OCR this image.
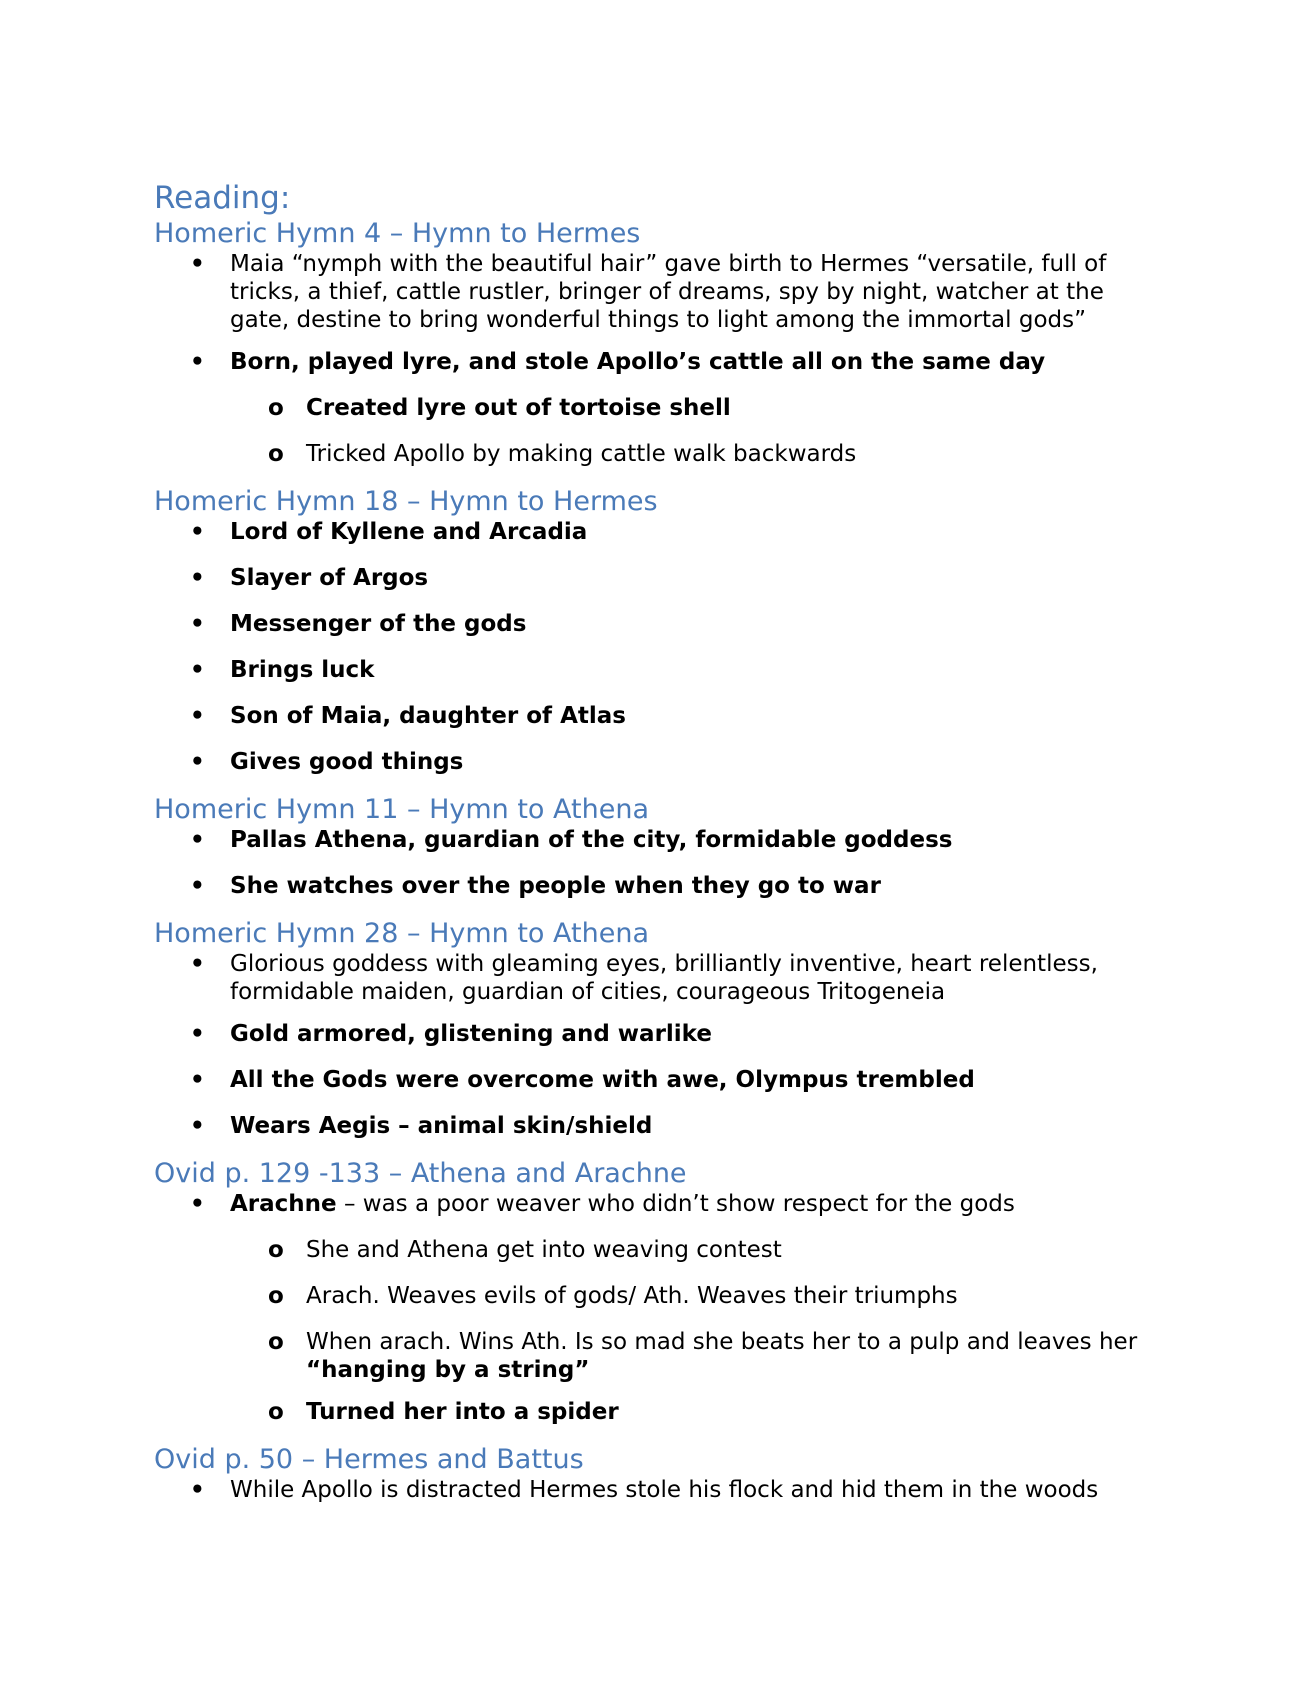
Reading:
Homeric Hymn 4 – Hymn to Hermes
• Maia “nymph with the beautiful hair” gave birth to Hermes “versatile, full of tricks, a thief, cattle rustler, bringer of dreams, spy by night, watcher at the gate, destine to bring wonderful things to light among the immortal gods”
• Born, played lyre, and stole Apollo’s cattle all on the same day
o Created lyre out of tortoise shell
o Tricked Apollo by making cattle walk backwards
Homeric Hymn 18 – Hymn to Hermes
• Lord of Kyllene and Arcadia
• Slayer of Argos
• Messenger of the gods
• Brings luck
• Son of Maia, daughter of Atlas
• Gives good things
Homeric Hymn 11 – Hymn to Athena
• Pallas Athena, guardian of the city, formidable goddess
• She watches over the people when they go to war
Homeric Hymn 28 – Hymn to Athena
• Glorious goddess with gleaming eyes, brilliantly inventive, heart relentless, formidable maiden, guardian of cities, courageous Tritogeneia
• Gold armored, glistening and warlike
• All the Gods were overcome with awe, Olympus trembled
• Wears Aegis – animal skin/shield
Ovid p. 129 -133 – Athena and Arachne
• Arachne – was a poor weaver who didn’t show respect for the gods
o She and Athena get into weaving contest
o Arach. Weaves evils of gods/ Ath. Weaves their triumphs
o When arach. Wins Ath. Is so mad she beats her to a pulp and leaves her “hanging by a string”
o Turned her into a spider
Ovid p. 50 – Hermes and Battus
• While Apollo is distracted Hermes stole his flock and hid them in the woods
